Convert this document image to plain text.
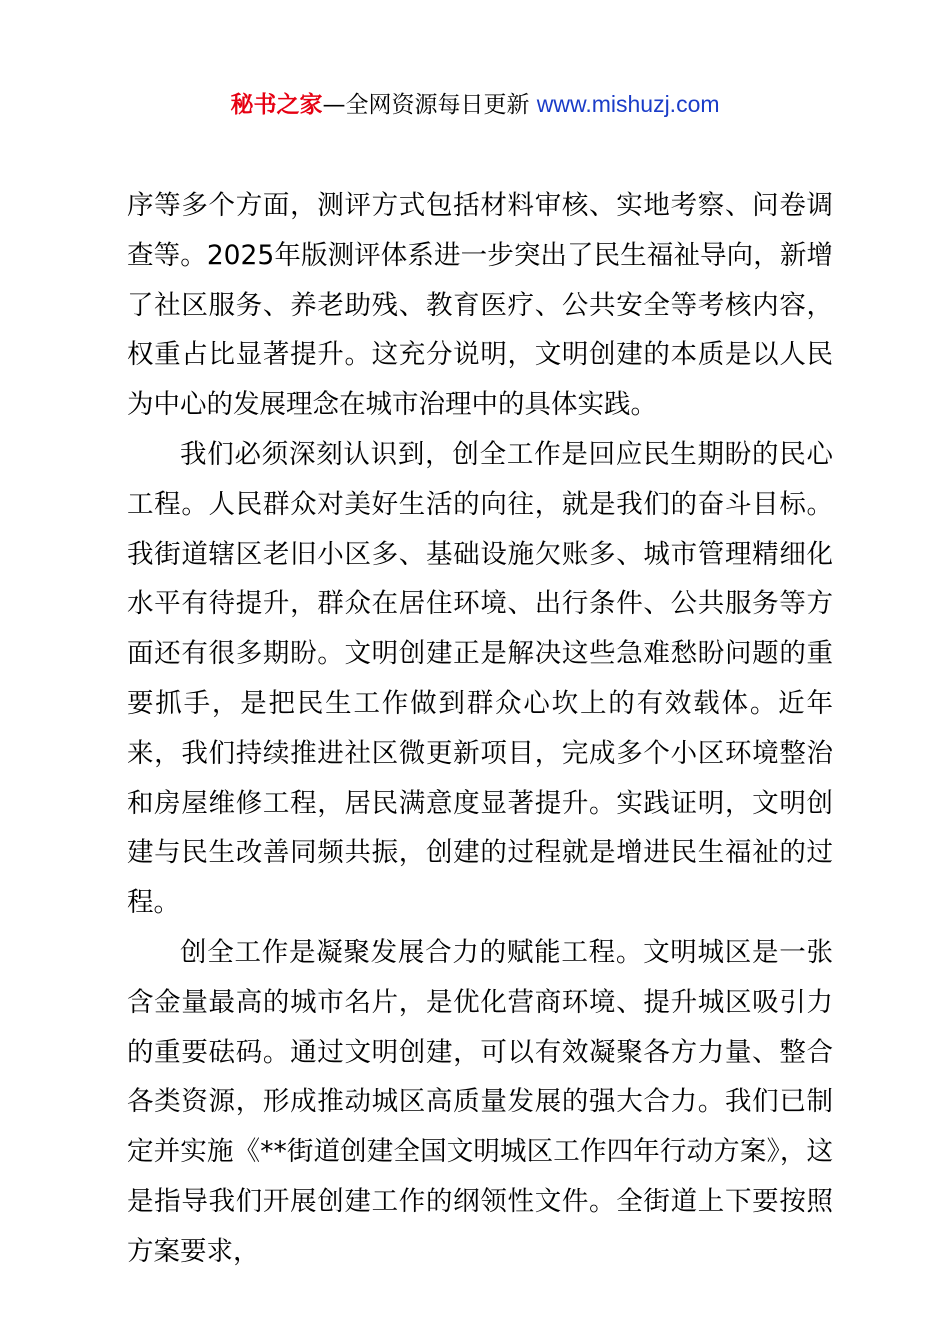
秘书之家—全网资源每日更新 www.mishuzj.com

序等多个方面，测评方式包括材料审核、实地考察、问卷调查等。2025年版测评体系进一步突出了民生福祉导向，新增了社区服务、养老助残、教育医疗、公共安全等考核内容，权重占比显著提升。这充分说明，文明创建的本质是以人民为中心的发展理念在城市治理中的具体实践。

我们必须深刻认识到，创全工作是回应民生期盼的民心工程。人民群众对美好生活的向往，就是我们的奋斗目标。我街道辖区老旧小区多、基础设施欠账多、城市管理精细化水平有待提升，群众在居住环境、出行条件、公共服务等方面还有很多期盼。文明创建正是解决这些急难愁盼问题的重要抓手，是把民生工作做到群众心坎上的有效载体。近年来，我们持续推进社区微更新项目，完成多个小区环境整治和房屋维修工程，居民满意度显著提升。实践证明，文明创建与民生改善同频共振，创建的过程就是增进民生福祉的过程。

创全工作是凝聚发展合力的赋能工程。文明城区是一张含金量最高的城市名片，是优化营商环境、提升城区吸引力的重要砝码。通过文明创建，可以有效凝聚各方力量、整合各类资源，形成推动城区高质量发展的强大合力。我们已制定并实施《**街道创建全国文明城区工作四年行动方案》，这是指导我们开展创建工作的纲领性文件。全街道上下要按照方案要求，
